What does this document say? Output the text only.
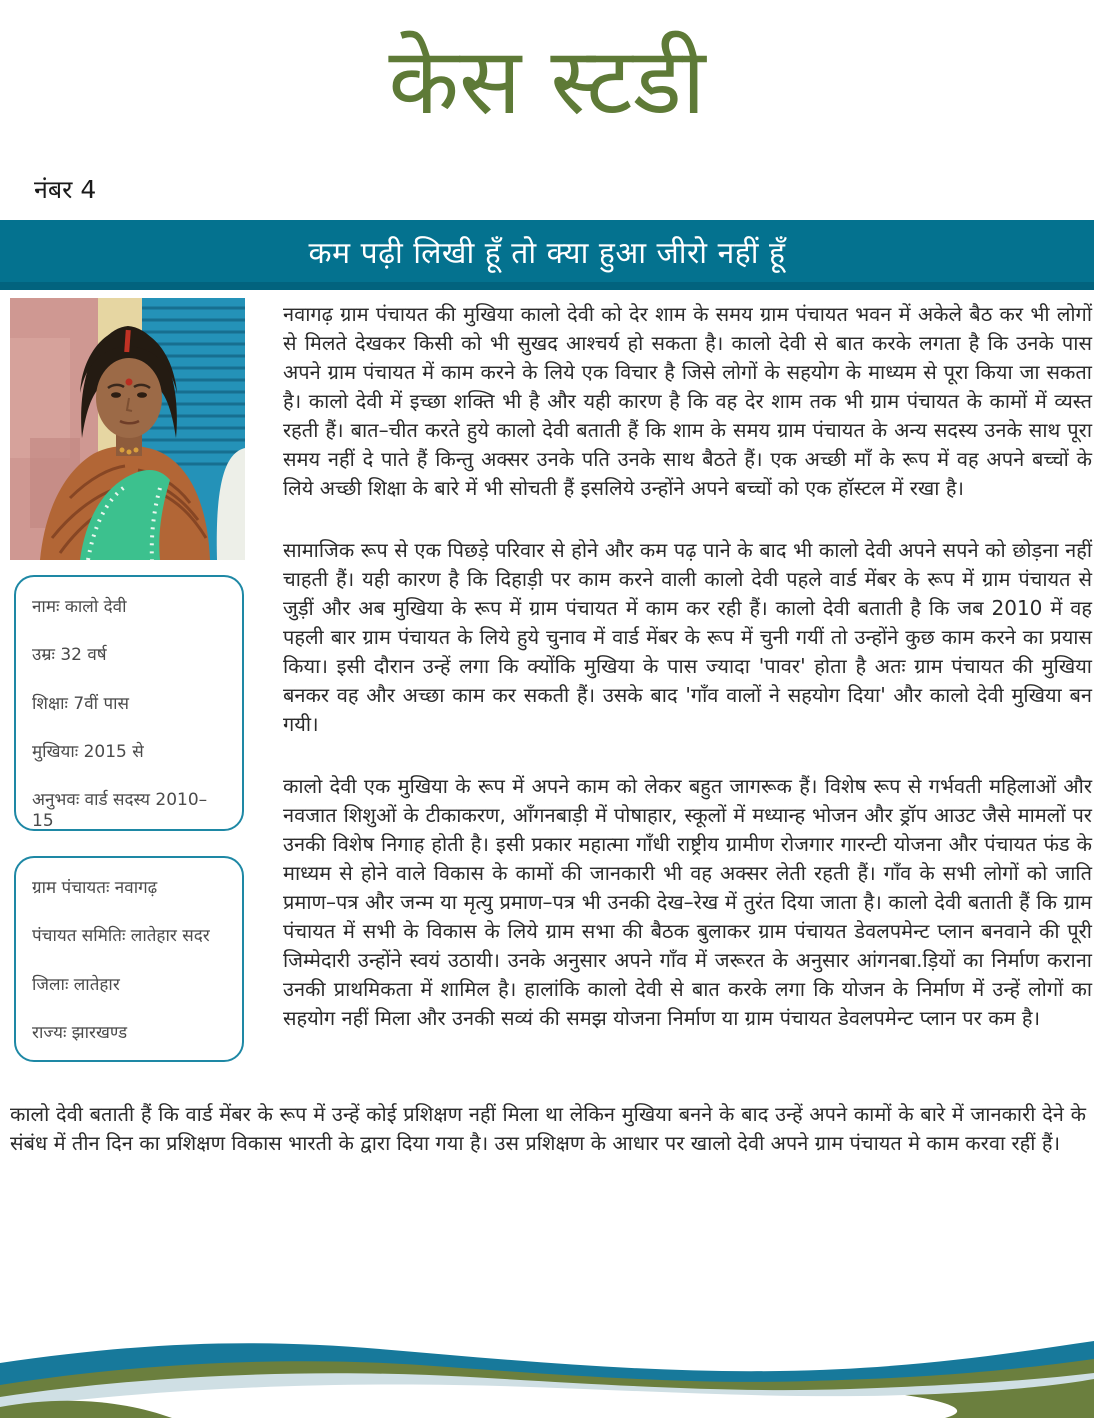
केस स्टडी
नंबर 4
कम पढ़ी लिखी हूँ तो क्या हुआ जीरो नहीं हूँ

नामः कालो देवी

उम्रः 32 वर्ष

शिक्षाः 7वीं पास

मुखियाः 2015 से

अनुभवः वार्ड सदस्य 2010–15

ग्राम पंचायतः नवागढ़

पंचायत समितिः लातेहार सदर

जिलाः लातेहार

राज्यः झारखण्ड

नवागढ़ ग्राम पंचायत की मुखिया कालो देवी को देर शाम के समय ग्राम पंचायत भवन में अकेले बैठ कर भी लोगों से मिलते देखकर किसी को भी सुखद आश्चर्य हो सकता है। कालो देवी से बात करके लगता है कि उनके पास अपने ग्राम पंचायत में काम करने के लिये एक विचार है जिसे लोगों के सहयोग के माध्यम से पूरा किया जा सकता है। कालो देवी में इच्छा शक्ति भी है और यही कारण है कि वह देर शाम तक भी ग्राम पंचायत के कामों में व्यस्त रहती हैं। बात–चीत करते हुये कालो देवी बताती हैं कि शाम के समय ग्राम पंचायत के अन्य सदस्य उनके साथ पूरा समय नहीं दे पाते हैं किन्तु अक्सर उनके पति उनके साथ बैठते हैं। एक अच्छी माँ के रूप में वह अपने बच्चों के लिये अच्छी शिक्षा के बारे में भी सोचती हैं इसलिये उन्होंने अपने बच्चों को एक हॉस्टल में रखा है।

सामाजिक रूप से एक पिछड़े परिवार से होने और कम पढ़ पाने के बाद भी कालो देवी अपने सपने को छोड़ना नहीं चाहती हैं। यही कारण है कि दिहाड़ी पर काम करने वाली कालो देवी पहले वार्ड मेंबर के रूप में ग्राम पंचायत से जुड़ीं और अब मुखिया के रूप में ग्राम पंचायत में काम कर रही हैं। कालो देवी बताती है कि जब 2010 में वह पहली बार ग्राम पंचायत के लिये हुये चुनाव में वार्ड मेंबर के रूप में चुनी गयीं तो उन्होंने कुछ काम करने का प्रयास किया। इसी दौरान उन्हें लगा कि क्योंकि मुखिया के पास ज्यादा 'पावर' होता है अतः ग्राम पंचायत की मुखिया बनकर वह और अच्छा काम कर सकती हैं। उसके बाद 'गाँव वालों ने सहयोग दिया' और कालो देवी मुखिया बन गयी।

कालो देवी एक मुखिया के रूप में अपने काम को लेकर बहुत जागरूक हैं। विशेष रूप से गर्भवती महिलाओं और नवजात शिशुओं के टीकाकरण, आँगनबाड़ी में पोषाहार, स्कूलों में मध्यान्ह भोजन और ड्रॉप आउट जैसे मामलों पर उनकी विशेष निगाह होती है। इसी प्रकार महात्मा गाँधी राष्ट्रीय ग्रामीण रोजगार गारन्टी योजना और पंचायत फंड के माध्यम से होने वाले विकास के कामों की जानकारी भी वह अक्सर लेती रहती हैं। गाँव के सभी लोगों को जाति प्रमाण–पत्र और जन्म या मृत्यु प्रमाण–पत्र भी उनकी देख–रेख में तुरंत दिया जाता है। कालो देवी बताती हैं कि ग्राम पंचायत में सभी के विकास के लिये ग्राम सभा की बैठक बुलाकर ग्राम पंचायत डेवलपमेन्ट प्लान बनवाने की पूरी जिम्मेदारी उन्होंने स्वयं उठायी। उनके अनुसार अपने गाँव में जरूरत के अनुसार आंगनबा.ड़ियों का निर्माण कराना उनकी प्राथमिकता में शामिल है। हालांकि कालो देवी से बात करके लगा कि योजन के निर्माण में उन्हें लोगों का सहयोग नहीं मिला और उनकी सव्यं की समझ योजना निर्माण या ग्राम पंचायत डेवलपमेन्ट प्लान पर कम है।

कालो देवी बताती हैं कि वार्ड मेंबर के रूप में उन्हें कोई प्रशिक्षण नहीं मिला था लेकिन मुखिया बनने के बाद उन्हें अपने कामों के बारे में जानकारी देने के संबंध में तीन दिन का प्रशिक्षण विकास भारती के द्वारा दिया गया है। उस प्रशिक्षण के आधार पर खालो देवी अपने ग्राम पंचायत मे काम करवा रहीं हैं।
